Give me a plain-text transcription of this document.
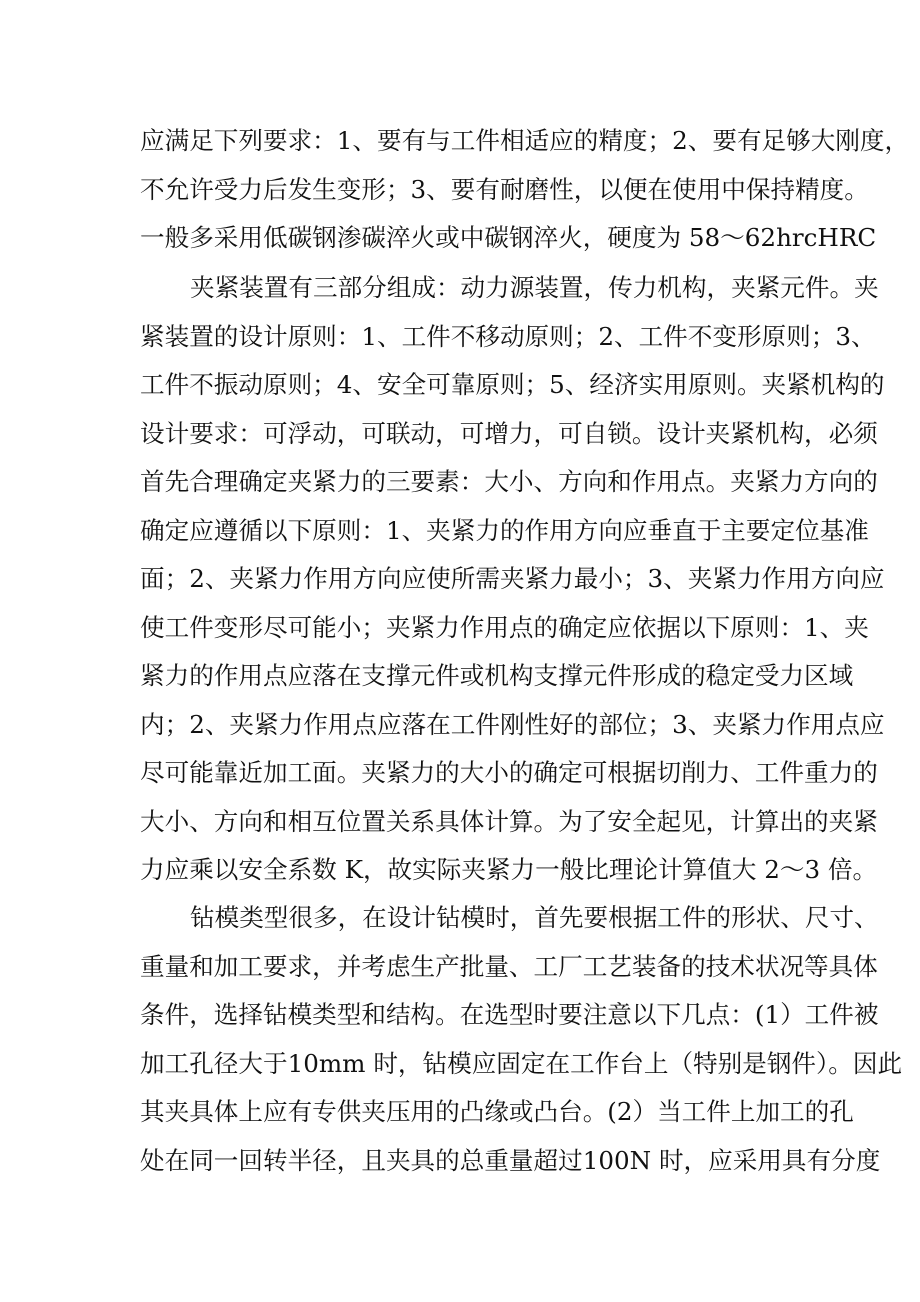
应满足下列要求：1、要有与工件相适应的精度；2、要有足够大刚度，
不允许受力后发生变形；3、要有耐磨性，以便在使用中保持精度。
一般多采用低碳钢渗碳淬火或中碳钢淬火，硬度为 58～62hrcHRC
夹紧装置有三部分组成：动力源装置，传力机构，夹紧元件。夹
紧装置的设计原则：1、工件不移动原则；2、工件不变形原则；3、
工件不振动原则；4、安全可靠原则；5、经济实用原则。夹紧机构的
设计要求：可浮动，可联动，可增力，可自锁。设计夹紧机构，必须
首先合理确定夹紧力的三要素：大小、方向和作用点。夹紧力方向的
确定应遵循以下原则：1、夹紧力的作用方向应垂直于主要定位基准
面；2、夹紧力作用方向应使所需夹紧力最小；3、夹紧力作用方向应
使工件变形尽可能小；夹紧力作用点的确定应依据以下原则：1、夹
紧力的作用点应落在支撑元件或机构支撑元件形成的稳定受力区域
内；2、夹紧力作用点应落在工件刚性好的部位；3、夹紧力作用点应
尽可能靠近加工面。夹紧力的大小的确定可根据切削力、工件重力的
大小、方向和相互位置关系具体计算。为了安全起见，计算出的夹紧
力应乘以安全系数 K，故实际夹紧力一般比理论计算值大 2～3 倍。
钻模类型很多，在设计钻模时，首先要根据工件的形状、尺寸、
重量和加工要求，并考虑生产批量、工厂工艺装备的技术状况等具体
条件，选择钻模类型和结构。在选型时要注意以下几点：(1）工件被
加工孔径大于10mm 时，钻模应固定在工作台上（特别是钢件）。因此
其夹具体上应有专供夹压用的凸缘或凸台。(2）当工件上加工的孔
处在同一回转半径，且夹具的总重量超过100N 时，应采用具有分度
